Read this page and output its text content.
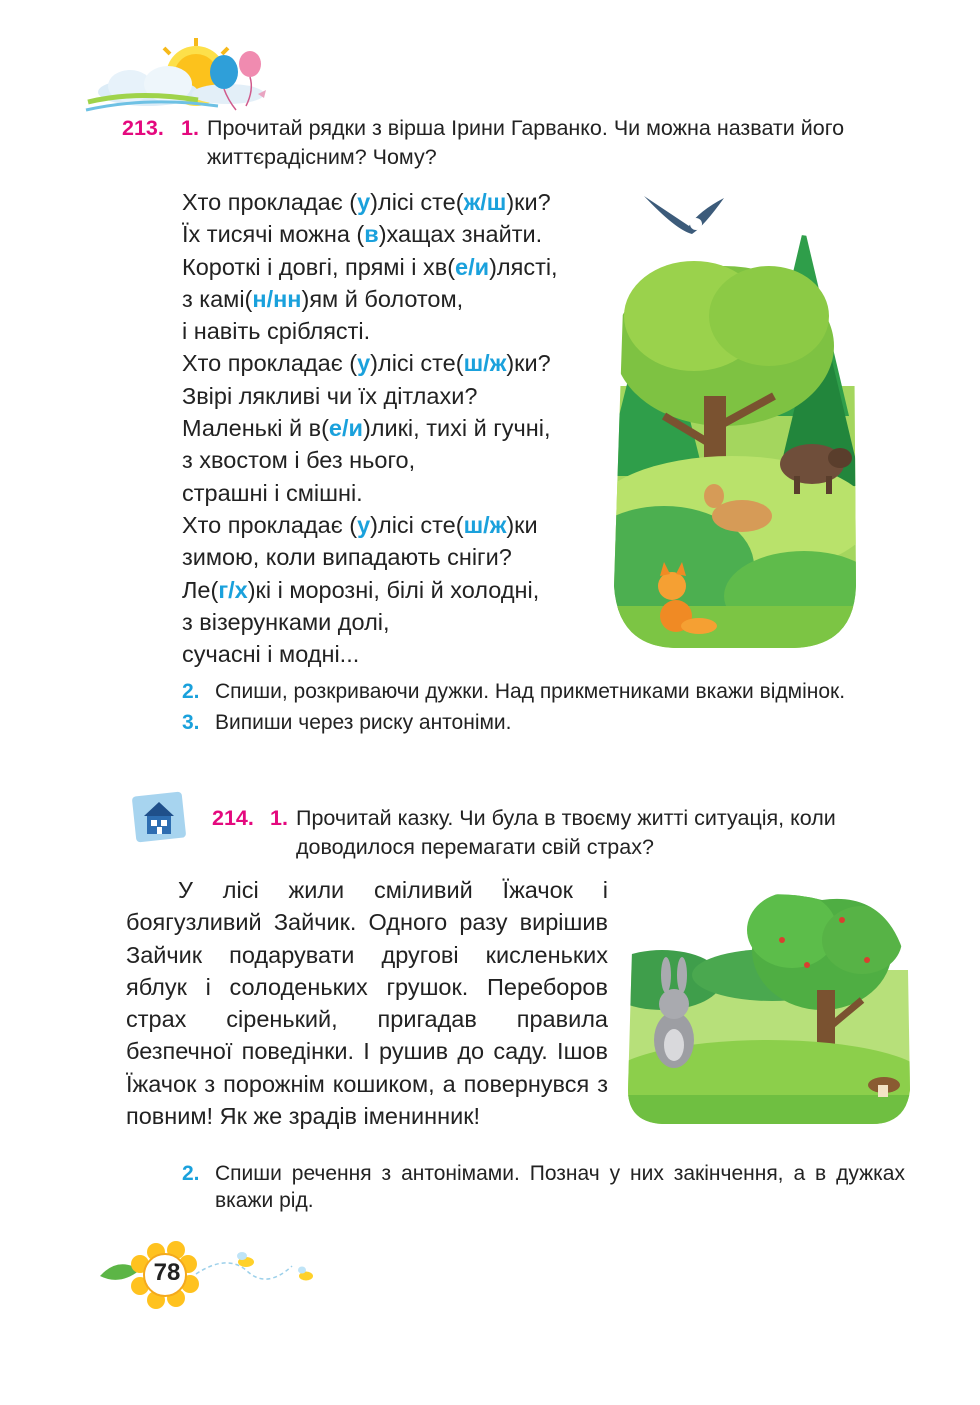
213. 1. Прочитай рядки з вірша Ірини Гарванко. Чи можна назвати його
життєрадісним? Чому?
Хто прокладає (у)лісі сте(ж/ш)ки?
Їх тисячі можна (в)хащах знайти.
Короткі і довгі, прямі і хв(е/и)лясті,
з камі(н/нн)ям й болотом,
і навіть сріблясті.
Хто прокладає (у)лісі сте(ш/ж)ки?
Звірі лякливі чи їх дітлахи?
Маленькі й в(е/и)ликі, тихі й гучні,
з хвостом і без нього,
страшні і смішні.
Хто прокладає (у)лісі сте(ш/ж)ки
зимою, коли випадають сніги?
Ле(г/х)кі і морозні, білі й холодні,
з візерунками долі,
сучасні і модні...
2. Спиши, розкриваючи дужки. Над прикметниками вкажи відмінок.
3. Випиши через риску антоніми.
214. 1. Прочитай казку. Чи була в твоєму житті ситуація, коли
доводилося перемагати свій страх?

У лісі жили сміливий Їжачок і боягузливий Зайчик. Одного разу вирішив Зайчик подарувати другові кисленьких яблук і солоденьких грушок. Переборов страх сіренький, пригадав правила безпечної поведінки. І рушив до саду. Ішов Їжачок з порожнім кошиком, а повернувся з повним! Як же зрадів іменинник!

2. Спиши речення з антонімами. Познач у них закінчення, а в дужках вкажи рід.
78
